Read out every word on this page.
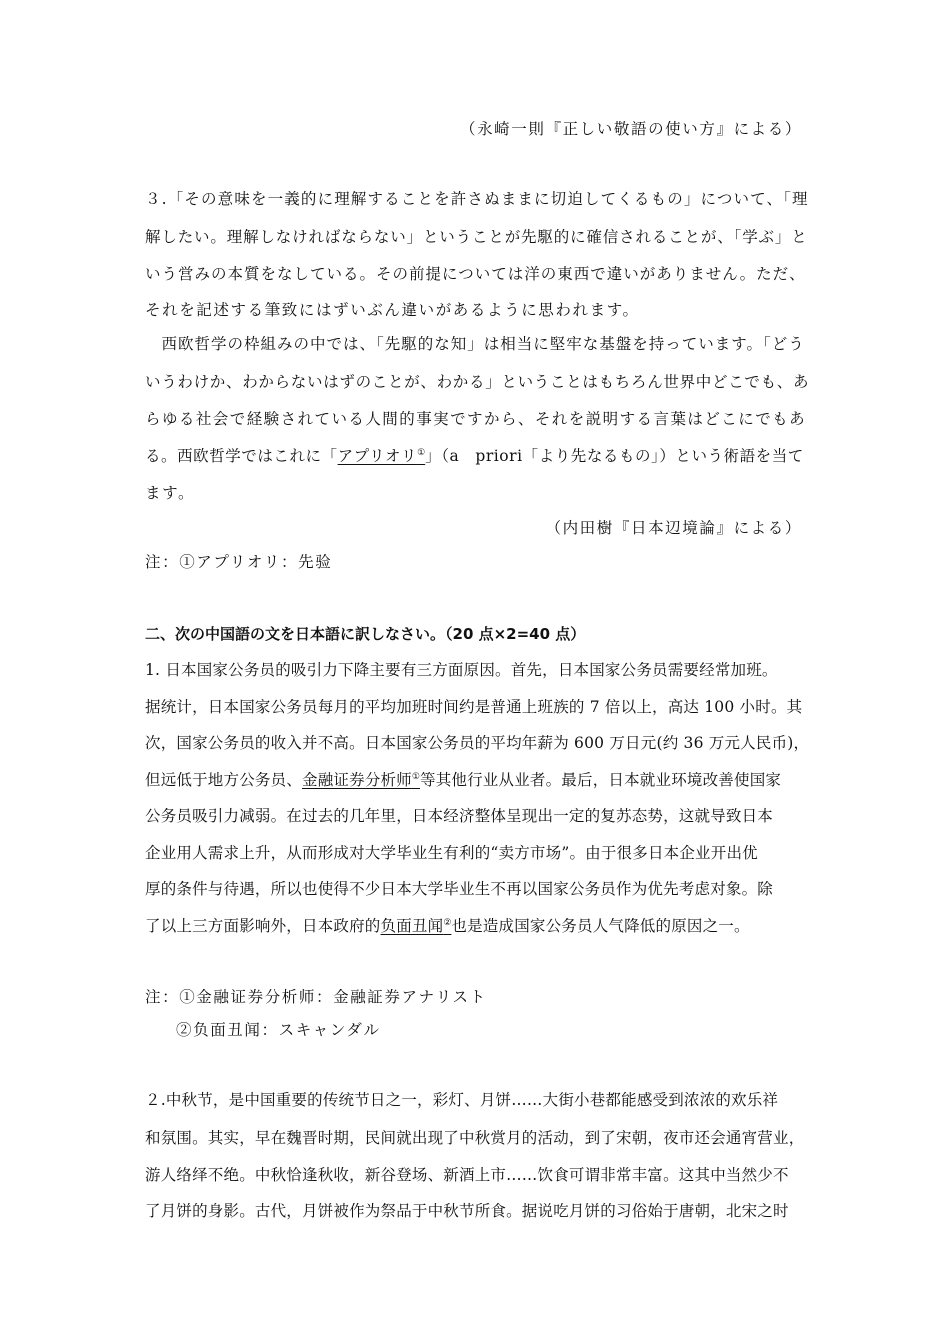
（永崎一則『正しい敬語の使い方』による）
３.「その意味を一義的に理解することを許さぬままに切迫してくるもの」について、「理
解したい。理解しなければならない」ということが先駆的に確信されることが、「学ぶ」と
いう営みの本質をなしている。その前提については洋の東西で違いがありません。ただ、
それを記述する筆致にはずいぶん違いがあるように思われます。
　西欧哲学の枠組みの中では、「先駆的な知」は相当に堅牢な基盤を持っています。「どう
いうわけか、わからないはずのことが、わかる」ということはもちろん世界中どこでも、あ
らゆる社会で経験されている人間的事実ですから、それを説明する言葉はどこにでもあ
る。西欧哲学ではこれに「アプリオリ①」（a　priori「より先なるもの」）という術語を当て
ます。
（内田樹『日本辺境論』による）
注：①アプリオリ：先验
二、次の中国語の文を日本語に訳しなさい。（20 点×2=40 点）
1. 日本国家公务员的吸引力下降主要有三方面原因。首先，日本国家公务员需要经常加班。
据统计，日本国家公务员每月的平均加班时间约是普通上班族的 7 倍以上，高达 100 小时。其
次，国家公务员的收入并不高。日本国家公务员的平均年薪为 600 万日元(约 36 万元人民币)，
但远低于地方公务员、金融证券分析师①等其他行业从业者。最后，日本就业环境改善使国家
公务员吸引力减弱。在过去的几年里，日本经济整体呈现出一定的复苏态势，这就导致日本
企业用人需求上升，从而形成对大学毕业生有利的“卖方市场”。由于很多日本企业开出优
厚的条件与待遇，所以也使得不少日本大学毕业生不再以国家公务员作为优先考虑对象。除
了以上三方面影响外，日本政府的负面丑闻②也是造成国家公务员人气降低的原因之一。
注：①金融证券分析师：金融証券アナリスト
②负面丑闻：スキャンダル
２.中秋节，是中国重要的传统节日之一，彩灯、月饼……大街小巷都能感受到浓浓的欢乐祥
和氛围。其实，早在魏晋时期，民间就出现了中秋赏月的活动，到了宋朝，夜市还会通宵营业，
游人络绎不绝。中秋恰逢秋收，新谷登场、新酒上市……饮食可谓非常丰富。这其中当然少不
了月饼的身影。古代，月饼被作为祭品于中秋节所食。据说吃月饼的习俗始于唐朝，北宋之时
